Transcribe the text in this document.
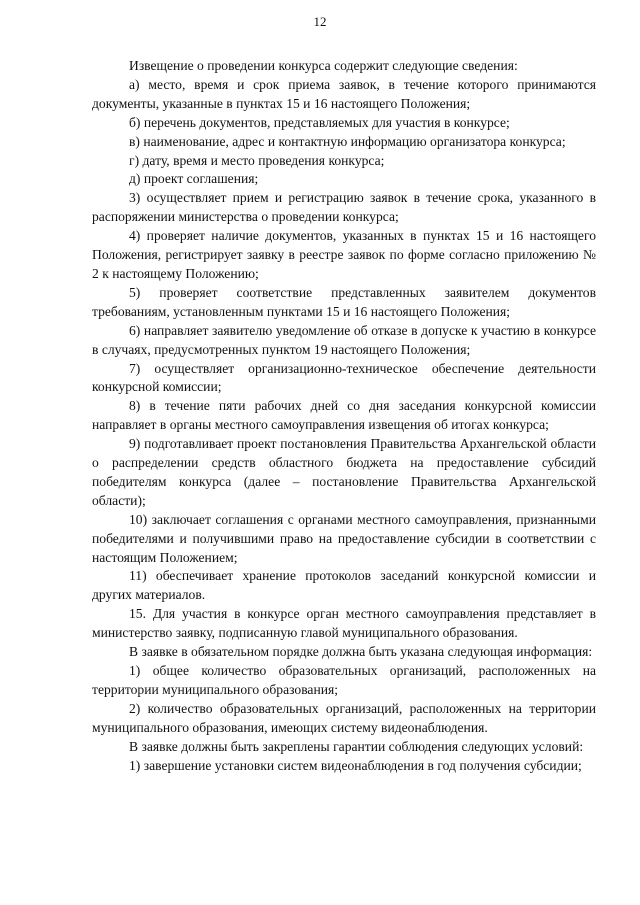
12

Извещение о проведении конкурса содержит следующие сведения:

а) место, время и срок приема заявок, в течение которого принимаются документы, указанные в пунктах 15 и 16 настоящего Положения;

б) перечень документов, представляемых для участия в конкурсе;

в) наименование, адрес и контактную информацию организатора конкурса;

г) дату, время и место проведения конкурса;

д) проект соглашения;

3) осуществляет прием и регистрацию заявок в течение срока, указанного в распоряжении министерства о проведении конкурса;

4) проверяет наличие документов, указанных в пунктах 15 и 16 настоящего Положения, регистрирует заявку в реестре заявок по форме согласно приложению № 2 к настоящему Положению;

5) проверяет соответствие представленных заявителем документов требованиям, установленным пунктами 15 и 16 настоящего Положения;

6) направляет заявителю уведомление об отказе в допуске к участию в конкурсе в случаях, предусмотренных пунктом 19 настоящего Положения;

7) осуществляет организационно-техническое обеспечение деятельности конкурсной комиссии;

8) в течение пяти рабочих дней со дня заседания конкурсной комиссии направляет в органы местного самоуправления извещения об итогах конкурса;

9) подготавливает проект постановления Правительства Архангельской области о распределении средств областного бюджета на предоставление субсидий победителям конкурса (далее – постановление Правительства Архангельской области);

10) заключает соглашения с органами местного самоуправления, признанными победителями и получившими право на предоставление субсидии в соответствии с настоящим Положением;

11) обеспечивает хранение протоколов заседаний конкурсной комиссии и других материалов.

15. Для участия в конкурсе орган местного самоуправления представляет в министерство заявку, подписанную главой муниципального образования.

В заявке в обязательном порядке должна быть указана следующая информация:

1) общее количество образовательных организаций, расположенных на территории муниципального образования;

2) количество образовательных организаций, расположенных на территории муниципального образования, имеющих систему видеонаблюдения.

В заявке должны быть закреплены гарантии соблюдения следующих условий:

1) завершение установки систем видеонаблюдения в год получения субсидии;
